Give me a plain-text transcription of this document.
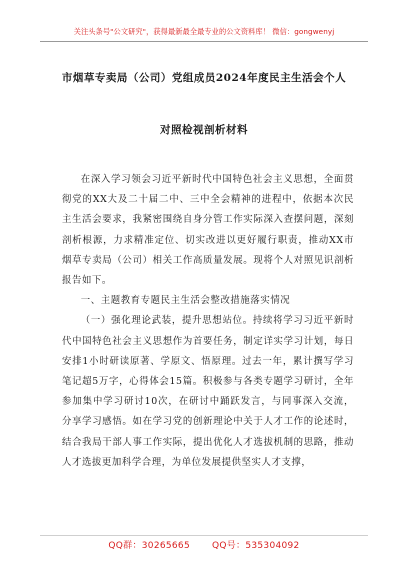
关注头条号"公文研究"，获得最新最全最专业的公文资料库！ 微信：gongwenyj
市烟草专卖局（公司）党组成员2024年度民主生活会个人
对照检视剖析材料

在深入学习领会习近平新时代中国特色社会主义思想，全面贯彻党的XX大及二十届二中、三中全会精神的进程中，依据本次民主生活会要求，我紧密围绕自身分管工作实际深入查摆问题，深刻剖析根源，力求精准定位、切实改进以更好履行职责，推动XX市烟草专卖局（公司）相关工作高质量发展。现将个人对照见识剖析报告如下。

一、主题教育专题民主生活会整改措施落实情况

（一）强化理论武装，提升思想站位。持续将学习习近平新时代中国特色社会主义思想作为首要任务，制定详实学习计划，每日安排1小时研读原著、学原文、悟原理。过去一年，累计撰写学习笔记超5万字，心得体会15篇。积极参与各类专题学习研讨，全年参加集中学习研讨10次，在研讨中踊跃发言，与同事深入交流，分享学习感悟。如在学习党的创新理论中关于人才工作的论述时，结合我局干部人事工作实际，提出优化人才选拔机制的思路，推动人才选拔更加科学合理，为单位发展提供坚实人才支撑，

QQ群：30265665 QQ号：535304092
